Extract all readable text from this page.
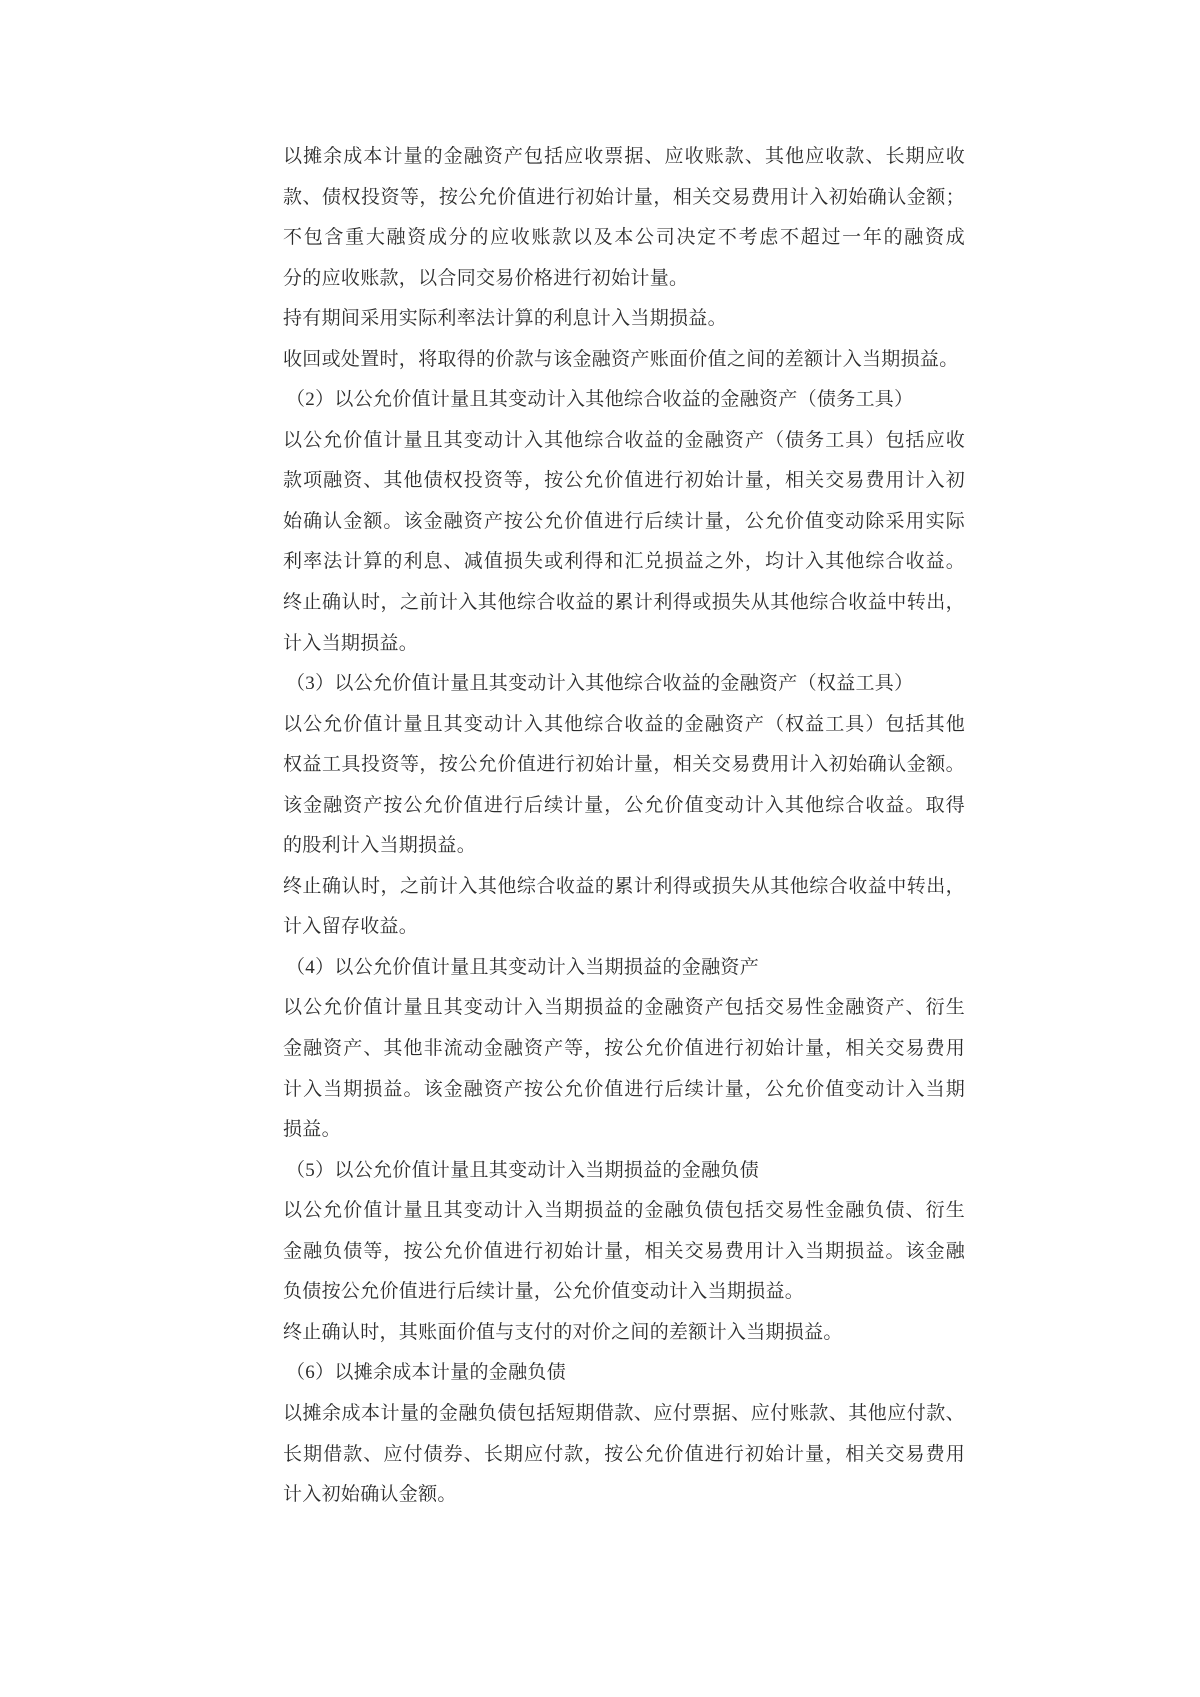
以摊余成本计量的金融资产包括应收票据、应收账款、其他应收款、长期应收
款、债权投资等，按公允价值进行初始计量，相关交易费用计入初始确认金额；
不包含重大融资成分的应收账款以及本公司决定不考虑不超过一年的融资成
分的应收账款，以合同交易价格进行初始计量。
持有期间采用实际利率法计算的利息计入当期损益。
收回或处置时，将取得的价款与该金融资产账面价值之间的差额计入当期损益。
（2）以公允价值计量且其变动计入其他综合收益的金融资产（债务工具）
以公允价值计量且其变动计入其他综合收益的金融资产（债务工具）包括应收
款项融资、其他债权投资等，按公允价值进行初始计量，相关交易费用计入初
始确认金额。该金融资产按公允价值进行后续计量，公允价值变动除采用实际
利率法计算的利息、减值损失或利得和汇兑损益之外，均计入其他综合收益。
终止确认时，之前计入其他综合收益的累计利得或损失从其他综合收益中转出，
计入当期损益。
（3）以公允价值计量且其变动计入其他综合收益的金融资产（权益工具）
以公允价值计量且其变动计入其他综合收益的金融资产（权益工具）包括其他
权益工具投资等，按公允价值进行初始计量，相关交易费用计入初始确认金额。
该金融资产按公允价值进行后续计量，公允价值变动计入其他综合收益。取得
的股利计入当期损益。
终止确认时，之前计入其他综合收益的累计利得或损失从其他综合收益中转出，
计入留存收益。
（4）以公允价值计量且其变动计入当期损益的金融资产
以公允价值计量且其变动计入当期损益的金融资产包括交易性金融资产、衍生
金融资产、其他非流动金融资产等，按公允价值进行初始计量，相关交易费用
计入当期损益。该金融资产按公允价值进行后续计量，公允价值变动计入当期
损益。
（5）以公允价值计量且其变动计入当期损益的金融负债
以公允价值计量且其变动计入当期损益的金融负债包括交易性金融负债、衍生
金融负债等，按公允价值进行初始计量，相关交易费用计入当期损益。该金融
负债按公允价值进行后续计量，公允价值变动计入当期损益。
终止确认时，其账面价值与支付的对价之间的差额计入当期损益。
（6）以摊余成本计量的金融负债
以摊余成本计量的金融负债包括短期借款、应付票据、应付账款、其他应付款、
长期借款、应付债券、长期应付款，按公允价值进行初始计量，相关交易费用
计入初始确认金额。
